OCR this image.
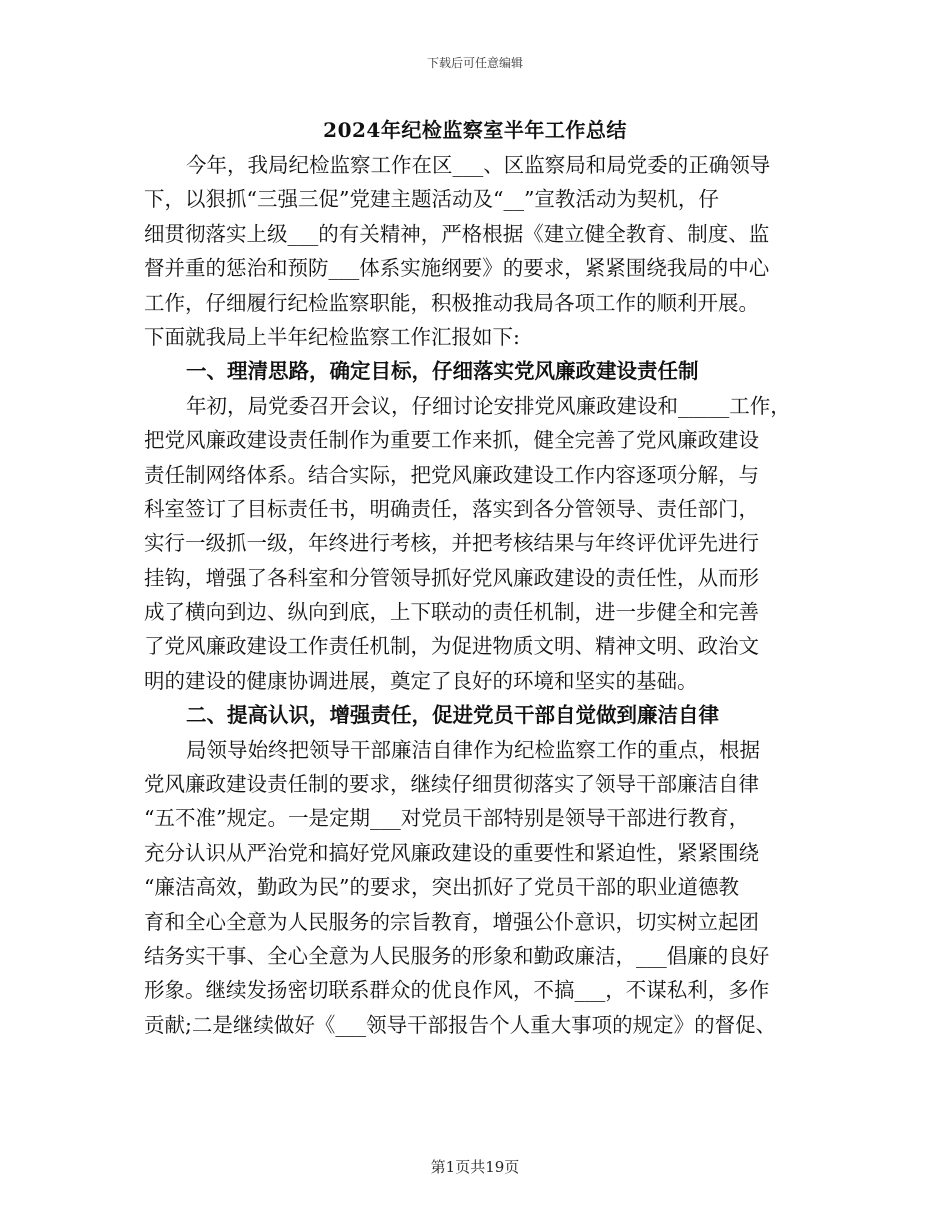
下载后可任意编辑
2024年纪检监察室半年工作总结
今年，我局纪检监察工作在区___、区监察局和局党委的正确领导
下，以狠抓“三强三促”党建主题活动及“__”宣教活动为契机，仔
细贯彻落实上级___的有关精神，严格根据《建立健全教育、制度、监
督并重的惩治和预防___体系实施纲要》的要求，紧紧围绕我局的中心
工作，仔细履行纪检监察职能，积极推动我局各项工作的顺利开展。
下面就我局上半年纪检监察工作汇报如下:
一、理清思路，确定目标，仔细落实党风廉政建设责任制
年初，局党委召开会议，仔细讨论安排党风廉政建设和_____工作，
把党风廉政建设责任制作为重要工作来抓，健全完善了党风廉政建设
责任制网络体系。结合实际，把党风廉政建设工作内容逐项分解，与
科室签订了目标责任书，明确责任，落实到各分管领导、责任部门，
实行一级抓一级，年终进行考核，并把考核结果与年终评优评先进行
挂钩，增强了各科室和分管领导抓好党风廉政建设的责任性，从而形
成了横向到边、纵向到底，上下联动的责任机制，进一步健全和完善
了党风廉政建设工作责任机制，为促进物质文明、精神文明、政治文
明的建设的健康协调进展，奠定了良好的环境和坚实的基础。
二、提高认识，增强责任，促进党员干部自觉做到廉洁自律
局领导始终把领导干部廉洁自律作为纪检监察工作的重点，根据
党风廉政建设责任制的要求，继续仔细贯彻落实了领导干部廉洁自律
“五不准”规定。一是定期___对党员干部特别是领导干部进行教育，
充分认识从严治党和搞好党风廉政建设的重要性和紧迫性，紧紧围绕
“廉洁高效，勤政为民”的要求，突出抓好了党员干部的职业道德教
育和全心全意为人民服务的宗旨教育，增强公仆意识，切实树立起团
结务实干事、全心全意为人民服务的形象和勤政廉洁，___倡廉的良好
形象。继续发扬密切联系群众的优良作风，不搞___，不谋私利，多作
贡献;二是继续做好《___领导干部报告个人重大事项的规定》的督促、
第1页共19页
